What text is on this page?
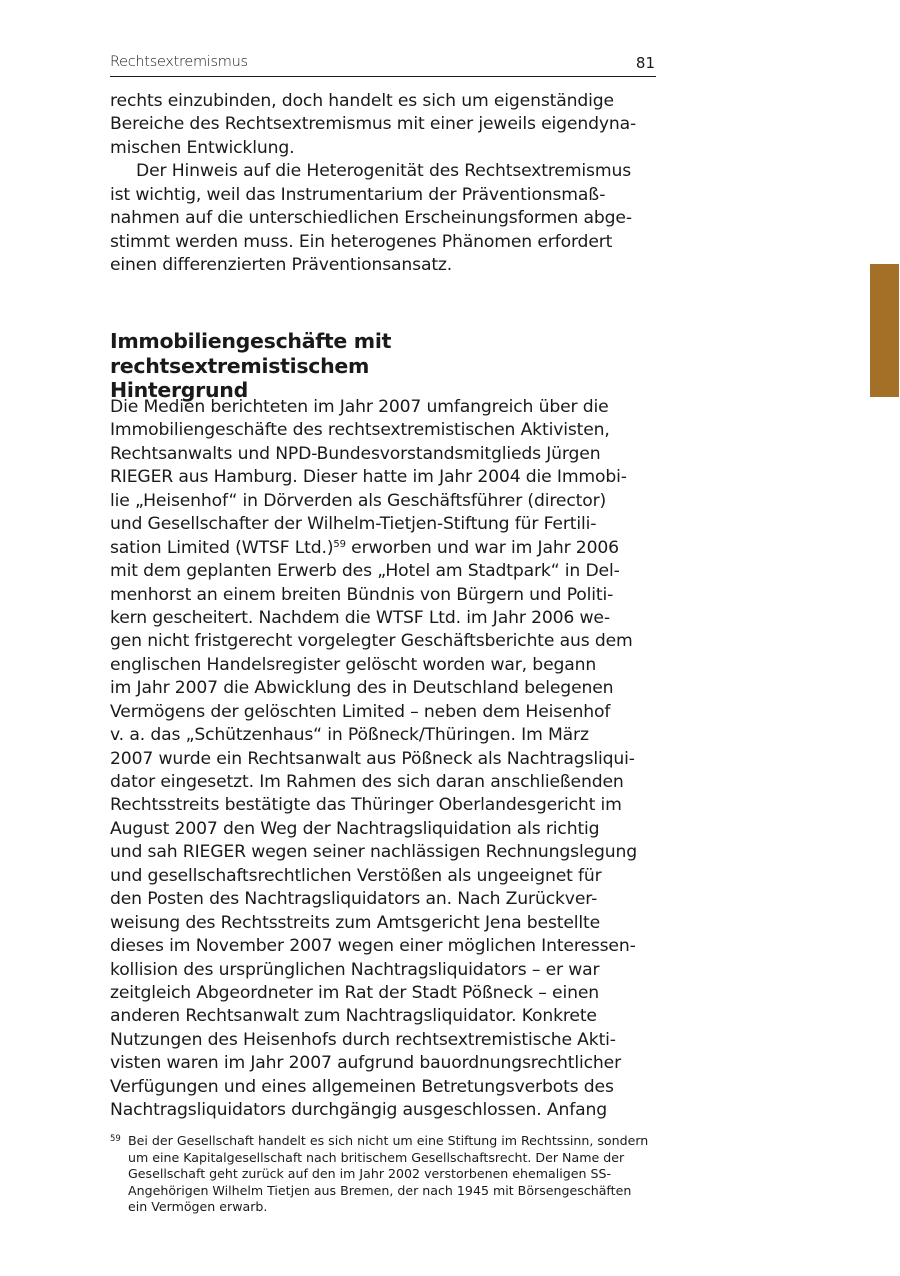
Rechtsextremismus	81
rechts einzubinden, doch handelt es sich um eigenständige
Bereiche des Rechtsextremismus mit einer jeweils eigendyna-
mischen Entwicklung.
Der Hinweis auf die Heterogenität des Rechtsextremismus
ist wichtig, weil das Instrumentarium der Präventionsmaß-
nahmen auf die unterschiedlichen Erscheinungsformen abge-
stimmt werden muss. Ein heterogenes Phänomen erfordert
einen differenzierten Präventionsansatz.
Immobiliengeschäfte mit rechtsextremistischem
Hintergrund
Die Medien berichteten im Jahr 2007 umfangreich über die
Immobiliengeschäfte des rechtsextremistischen Aktivisten,
Rechtsanwalts und NPD-Bundesvorstandsmitglieds Jürgen
RIEGER aus Hamburg. Dieser hatte im Jahr 2004 die Immobi-
lie „Heisenhof“ in Dörverden als Geschäftsführer (director)
und Gesellschafter der Wilhelm-Tietjen-Stiftung für Fertili-
sation Limited (WTSF Ltd.)$^{59}$ erworben und war im Jahr 2006
mit dem geplanten Erwerb des „Hotel am Stadtpark“ in Del-
menhorst an einem breiten Bündnis von Bürgern und Politi-
kern gescheitert. Nachdem die WTSF Ltd. im Jahr 2006 we-
gen nicht fristgerecht vorgelegter Geschäftsberichte aus dem
englischen Handelsregister gelöscht worden war, begann
im Jahr 2007 die Abwicklung des in Deutschland belegenen
Vermögens der gelöschten Limited – neben dem Heisenhof
v. a. das „Schützenhaus“ in Pößneck/Thüringen. Im März
2007 wurde ein Rechtsanwalt aus Pößneck als Nachtragsliqui-
dator eingesetzt. Im Rahmen des sich daran anschließenden
Rechtsstreits bestätigte das Thüringer Oberlandesgericht im
August 2007 den Weg der Nachtragsliquidation als richtig
und sah RIEGER wegen seiner nachlässigen Rechnungslegung
und gesellschaftsrechtlichen Verstößen als ungeeignet für
den Posten des Nachtragsliquidators an. Nach Zurückver-
weisung des Rechtsstreits zum Amtsgericht Jena bestellte
dieses im November 2007 wegen einer möglichen Interessen-
kollision des ursprünglichen Nachtragsliquidators – er war
zeitgleich Abgeordneter im Rat der Stadt Pößneck – einen
anderen Rechtsanwalt zum Nachtragsliquidator. Konkrete
Nutzungen des Heisenhofs durch rechtsextremistische Akti-
visten waren im Jahr 2007 aufgrund bauordnungsrechtlicher
Verfügungen und eines allgemeinen Betretungsverbots des
Nachtragsliquidators durchgängig ausgeschlossen. Anfang
59 Bei der Gesellschaft handelt es sich nicht um eine Stiftung im Rechtssinn, sondern
um eine Kapitalgesellschaft nach britischem Gesellschaftsrecht. Der Name der
Gesellschaft geht zurück auf den im Jahr 2002 verstorbenen ehemaligen SS-
Angehörigen Wilhelm Tietjen aus Bremen, der nach 1945 mit Börsengeschäften
ein Vermögen erwarb.
